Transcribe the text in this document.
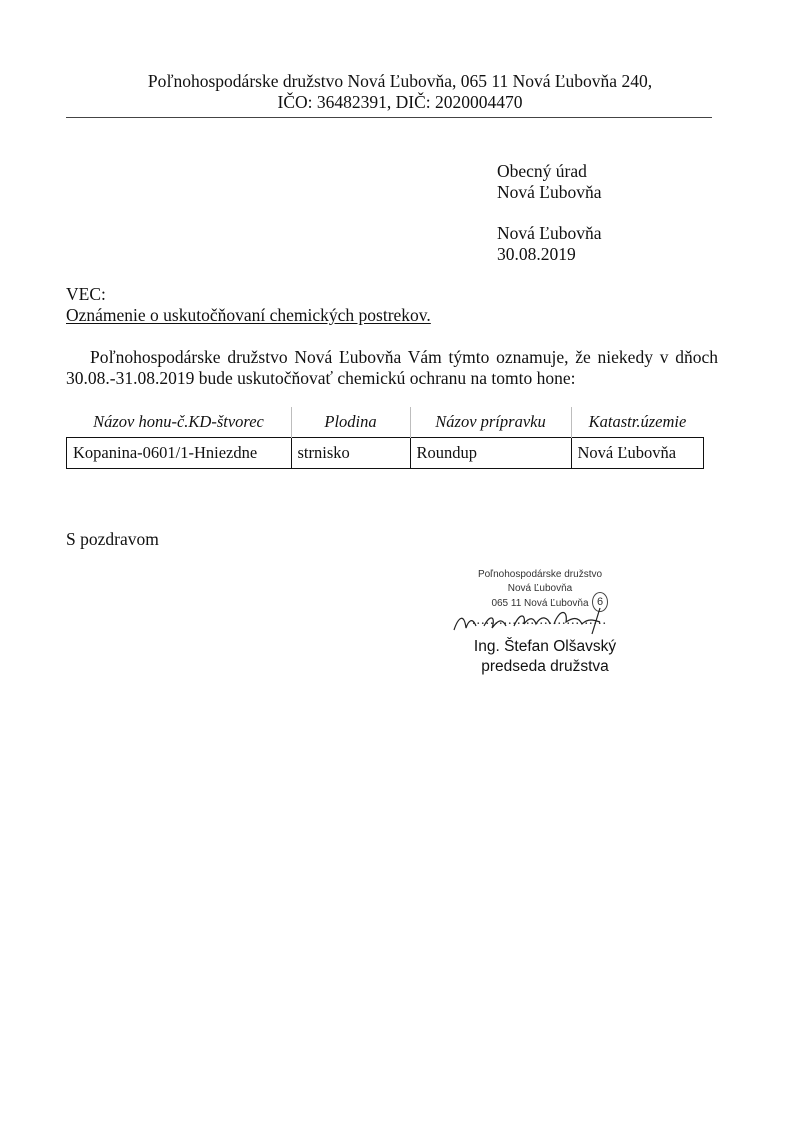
Poľnohospodárske družstvo Nová Ľubovňa, 065 11 Nová Ľubovňa 240,
IČO: 36482391, DIČ: 2020004470
Obecný úrad
Nová Ľubovňa
Nová Ľubovňa
30.08.2019
VEC:
Oznámenie o uskutočňovaní chemických postrekov.
Poľnohospodárske družstvo Nová Ľubovňa Vám týmto oznamuje, že niekedy v dňoch 30.08.-31.08.2019 bude uskutočňovať chemickú ochranu na tomto hone:
Názov honu-č.KD-štvorec	Plodina	Názov prípravku	Katastr.územie
Kopanina-0601/1-Hniezdne	strnisko	Roundup	Nová Ľubovňa
S pozdravom
Poľnohospodárske družstvo
Nová Ľubovňa
065 11 Nová Ľubovňa 6
..............................
Ing. Štefan Olšavský
predseda družstva
